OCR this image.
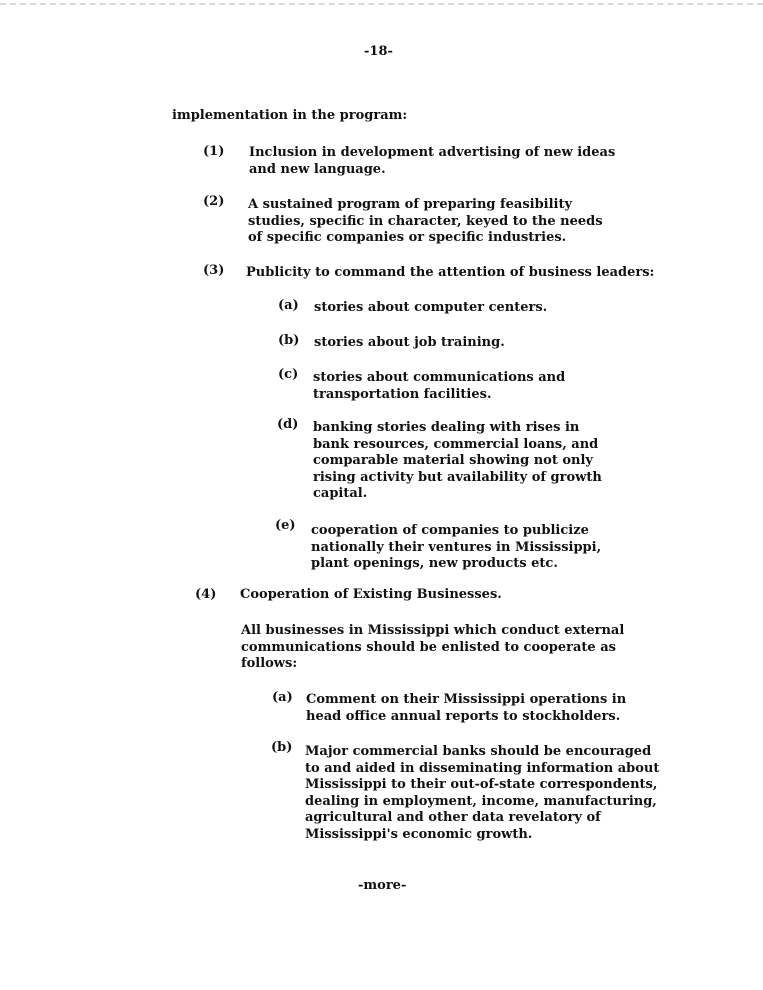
-18-
implementation in the program:
(1) Inclusion in development advertising of new ideas
and new language.
(2) A sustained program of preparing feasibility
studies, specific in character, keyed to the needs
of specific companies or specific industries.
(3) Publicity to command the attention of business leaders:
(a) stories about computer centers.
(b) stories about job training.
(c) stories about communications and
transportation facilities.
(d) banking stories dealing with rises in
bank resources, commercial loans, and
comparable material showing not only
rising activity but availability of growth
capital.
(e) cooperation of companies to publicize
nationally their ventures in Mississippi,
plant openings, new products etc.
(4) Cooperation of Existing Businesses.
All businesses in Mississippi which conduct external
communications should be enlisted to cooperate as
follows:
(a) Comment on their Mississippi operations in
head office annual reports to stockholders.
(b) Major commercial banks should be encouraged
to and aided in disseminating information about
Mississippi to their out-of-state correspondents,
dealing in employment, income, manufacturing,
agricultural and other data revelatory of
Mississippi's economic growth.
-more-
